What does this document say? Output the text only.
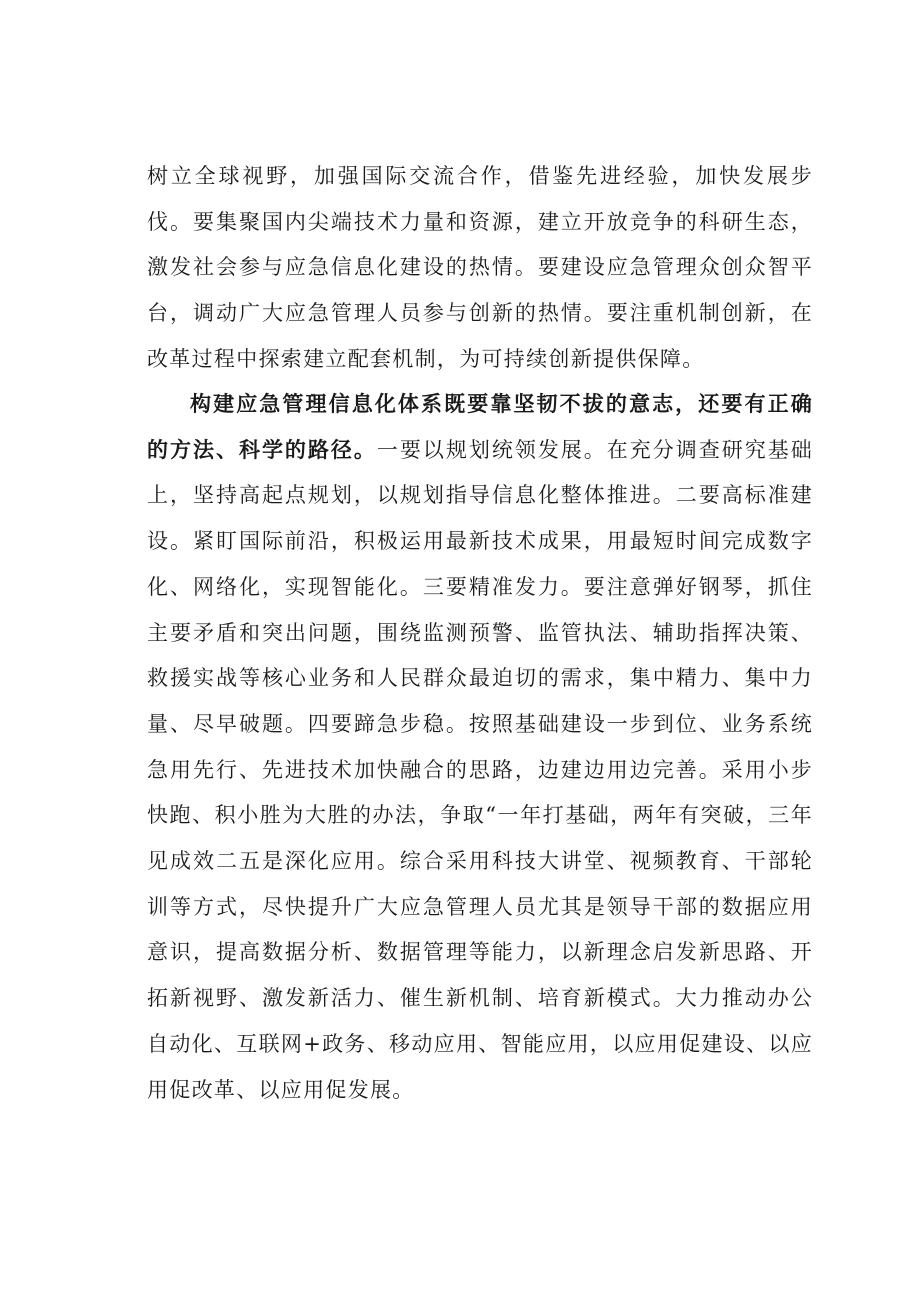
树立全球视野，加强国际交流合作，借鉴先进经验，加快发展步伐。要集聚国内尖端技术力量和资源，建立开放竞争的科研生态，激发社会参与应急信息化建设的热情。要建设应急管理众创众智平台，调动广大应急管理人员参与创新的热情。要注重机制创新，在改革过程中探索建立配套机制，为可持续创新提供保障。

构建应急管理信息化体系既要靠坚韧不拔的意志，还要有正确的方法、科学的路径。一要以规划统领发展。在充分调查研究基础上，坚持高起点规划，以规划指导信息化整体推进。二要高标准建设。紧盯国际前沿，积极运用最新技术成果，用最短时间完成数字化、网络化，实现智能化。三要精准发力。要注意弹好钢琴，抓住主要矛盾和突出问题，围绕监测预警、监管执法、辅助指挥决策、救援实战等核心业务和人民群众最迫切的需求，集中精力、集中力量、尽早破题。四要蹄急步稳。按照基础建设一步到位、业务系统急用先行、先进技术加快融合的思路，边建边用边完善。采用小步快跑、积小胜为大胜的办法，争取“一年打基础，两年有突破，三年见成效二五是深化应用。综合采用科技大讲堂、视频教育、干部轮训等方式，尽快提升广大应急管理人员尤其是领导干部的数据应用意识，提高数据分析、数据管理等能力，以新理念启发新思路、开拓新视野、激发新活力、催生新机制、培育新模式。大力推动办公自动化、互联网+政务、移动应用、智能应用，以应用促建设、以应用促改革、以应用促发展。
